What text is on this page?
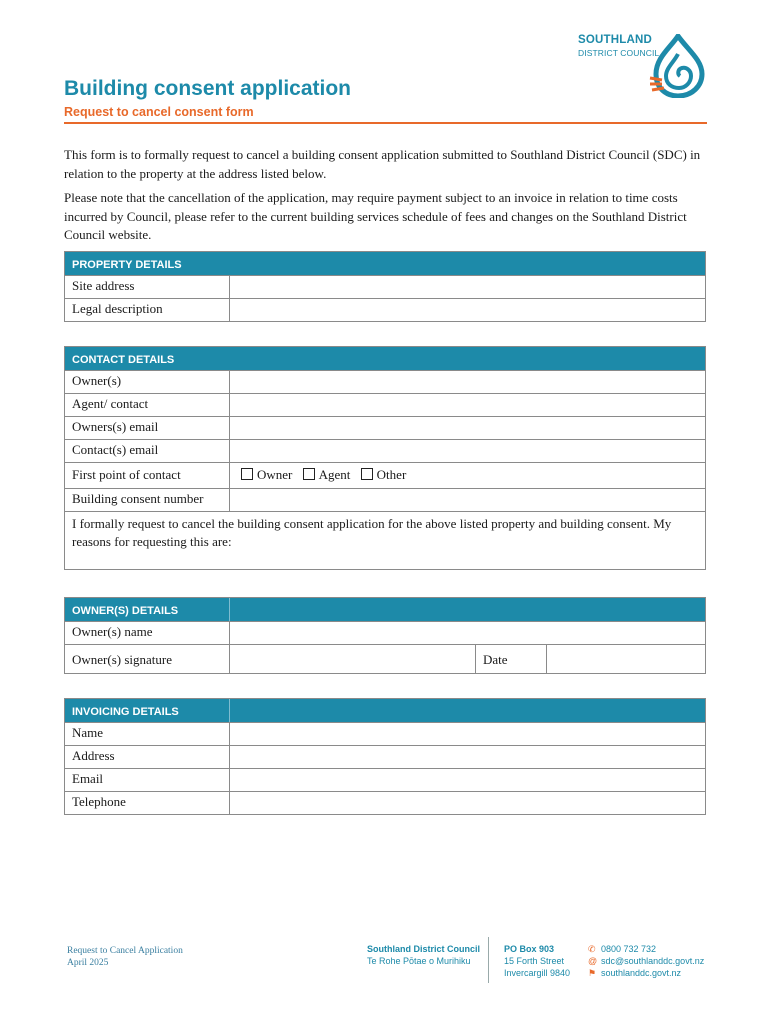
SOUTHLAND
DISTRICT COUNCIL
Building consent application
Request to cancel consent form

This form is to formally request to cancel a building consent application submitted to Southland District Council (SDC) in relation to the property at the address listed below.

Please note that the cancellation of the application, may require payment subject to an invoice in relation to time costs incurred by Council, please refer to the current building services schedule of fees and changes on the Southland District Council website.

PROPERTY DETAILS
Site address
Legal description
CONTACT DETAILS
Owner(s)
Agent/ contact
Owners(s) email
Contact(s) email
First point of contact	Owner Agent Other
Building consent number
I formally request to cancel the building consent application for the above listed property and building consent. My reasons for requesting this are:
OWNER(S) DETAILS
Owner(s) name
Owner(s) signature	Date
INVOICING DETAILS
Name
Address
Email
Telephone
Request to Cancel Application
April 2025
Southland District Council
Te Rohe Pōtae o Murihiku
PO Box 903
15 Forth Street
Invercargill 9840
✆ 0800 732 732
@ sdc@southlanddc.govt.nz
⚑ southlanddc.govt.nz
